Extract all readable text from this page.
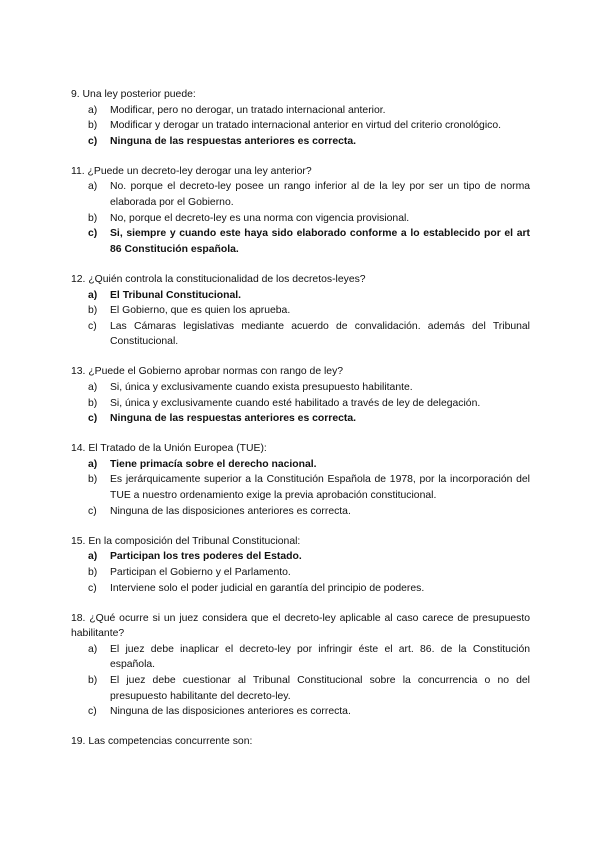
9. Una ley posterior puede:
a)	Modificar, pero no derogar, un tratado internacional anterior.
b)	Modificar y derogar un tratado internacional anterior en virtud del criterio cronológico.
c)	Ninguna de las respuestas anteriores es correcta.
11. ¿Puede un decreto-ley derogar una ley anterior?
a)	No. porque el decreto-ley posee un rango inferior al de la ley por ser un tipo de norma elaborada por el Gobierno.
b)	No, porque el decreto-ley es una norma con vigencia provisional.
c)	Si, siempre y cuando este haya sido elaborado conforme a lo establecido por el art 86 Constitución española.
12. ¿Quién controla la constitucionalidad de los decretos-leyes?
a)	El Tribunal Constitucional.
b)	El Gobierno, que es quien los aprueba.
c)	Las Cámaras legislativas mediante acuerdo de convalidación. además del Tribunal Constitucional.
13. ¿Puede el Gobierno aprobar normas con rango de ley?
a)	Si, única y exclusivamente cuando exista presupuesto habilitante.
b)	Si, única y exclusivamente cuando esté habilitado a través de ley de delegación.
c)	Ninguna de las respuestas anteriores es correcta.
14. El Tratado de la Unión Europea (TUE):
a)	Tiene primacía sobre el derecho nacional.
b)	Es jerárquicamente superior a la Constitución Española de 1978, por la incorporación del TUE a nuestro ordenamiento exige la previa aprobación constitucional.
c)	Ninguna de las disposiciones anteriores es correcta.
15. En la composición del Tribunal Constitucional:
a)	Participan los tres poderes del Estado.
b)	Participan el Gobierno y el Parlamento.
c)	Interviene solo el poder judicial en garantía del principio de poderes.
18. ¿Qué ocurre si un juez considera que el decreto-ley aplicable al caso carece de presupuesto habilitante?
a)	El juez debe inaplicar el decreto-ley por infringir éste el art. 86. de la Constitución española.
b)	El juez debe cuestionar al Tribunal Constitucional sobre la concurrencia o no del presupuesto habilitante del decreto-ley.
c)	Ninguna de las disposiciones anteriores es correcta.
19. Las competencias concurrente son:
